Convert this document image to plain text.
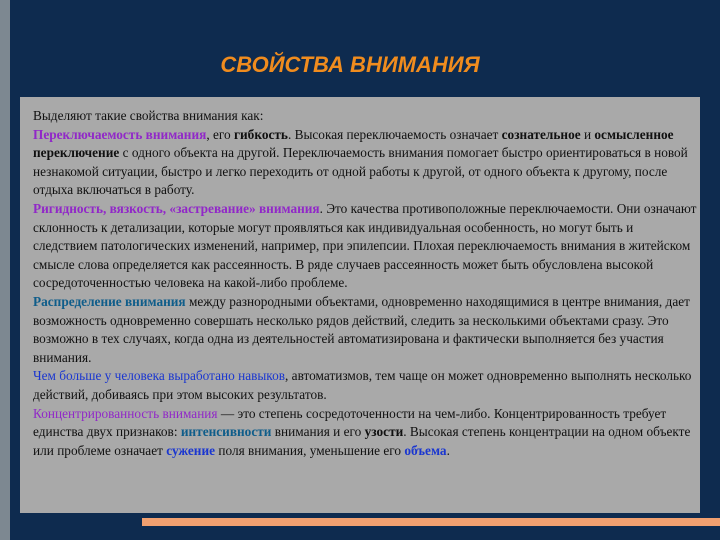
СВОЙСТВА ВНИМАНИЯ

Выделяют такие свойства внимания как:

Переключаемость внимания, его гибкость. Высокая переключаемость означает сознательное и осмысленное переключение с одного объекта на другой. Переключаемость внимания помогает быстро ориентироваться в новой незнакомой ситуации, быстро и легко переходить от одной работы к другой, от одного объекта к другому, после отдыха включаться в работу.

Ригидность, вязкость, «застревание» внимания. Это качества противоположные переключаемости. Они означают склонность к детализации, которые могут проявляться как индивидуальная особенность, но могут быть и следствием патологических изменений, например, при эпилепсии. Плохая переключаемость внимания в житейском смысле слова определяется как рассеянность. В ряде случаев рассеянность может быть обусловлена высокой сосредоточенностью человека на какой-либо проблеме.

Распределение внимания между разнородными объектами, одновременно находящимися в центре внимания, дает возможность одновременно совершать несколько рядов действий, следить за несколькими объектами сразу. Это возможно в тех случаях, когда одна из деятельностей автоматизирована и фактически выполняется без участия внимания.

Чем больше у человека выработано навыков, автоматизмов, тем чаще он может одновременно выполнять несколько действий, добиваясь при этом высоких результатов.

Концентрированность внимания — это степень сосредоточенности на чем-либо. Концентрированность требует единства двух признаков: интенсивности внимания и его узости. Высокая степень концентрации на одном объекте или проблеме означает сужение поля внимания, уменьшение его объема.
